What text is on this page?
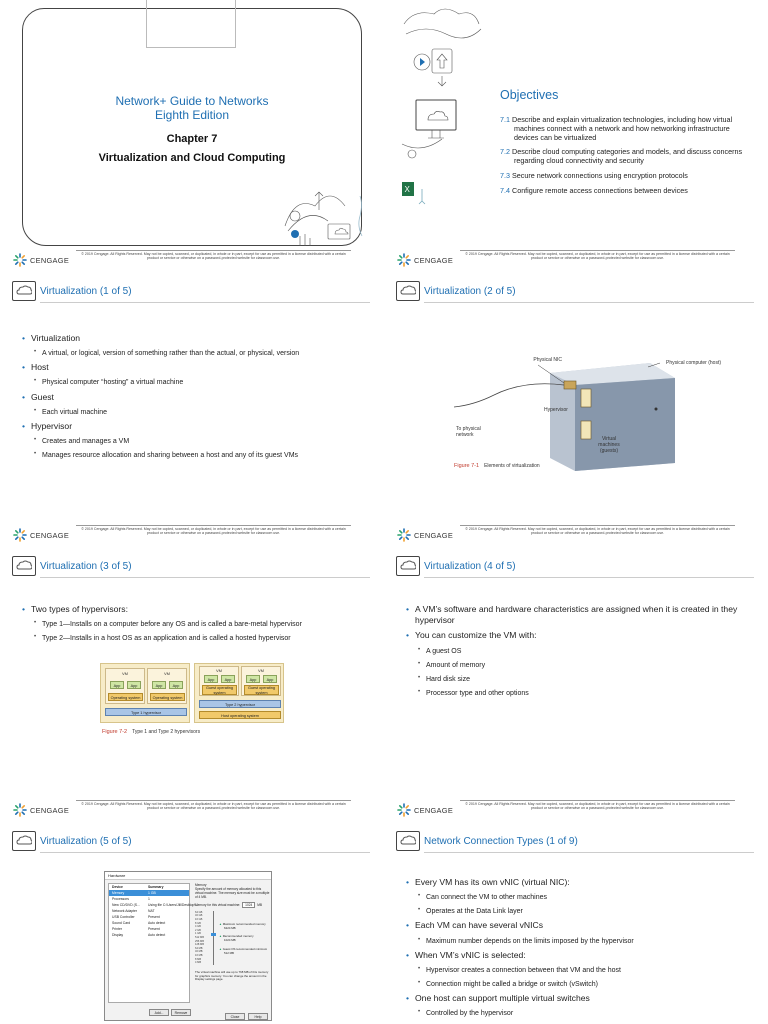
Network+ Guide to Networks
Eighth Edition
Chapter 7
Virtualization and Cloud Computing
CENGAGE
© 2019 Cengage. All Rights Reserved. May not be copied, scanned, or duplicated, in whole or in part, except for use as permitted in a license distributed with a certain product or service or otherwise on a password-protected website for classroom use.
X
Objectives
7.1 Describe and explain virtualization technologies, including how virtual machines connect with a network and how networking infrastructure devices can be virtualized
7.2 Describe cloud computing categories and models, and discuss concerns regarding cloud connectivity and security
7.3 Secure network connections using encryption protocols
7.4 Configure remote access connections between devices
CENGAGE
© 2019 Cengage. All Rights Reserved. May not be copied, scanned, or duplicated, in whole or in part, except for use as permitted in a license distributed with a certain product or service or otherwise on a password-protected website for classroom use.
Virtualization (1 of 5)
• Virtualization
• A virtual, or logical, version of something rather than the actual, or physical, version
• Host
• Physical computer “hosting” a virtual machine
• Guest
• Each virtual machine
• Hypervisor
• Creates and manages a VM
• Manages resource allocation and sharing between a host and any of its guest VMs
CENGAGE
© 2019 Cengage. All Rights Reserved. May not be copied, scanned, or duplicated, in whole or in part, except for use as permitted in a license distributed with a certain product or service or otherwise on a password-protected website for classroom use.
Virtualization (2 of 5)
Physical NIC	Physical computer (host)
Hypervisor
To physical network
Virtual machines (guests)
Figure 7-1 Elements of virtualization
CENGAGE
© 2019 Cengage. All Rights Reserved. May not be copied, scanned, or duplicated, in whole or in part, except for use as permitted in a license distributed with a certain product or service or otherwise on a password-protected website for classroom use.
Virtualization (3 of 5)
• Two types of hypervisors:
• Type 1—Installs on a computer before any OS and is called a bare-metal hypervisor
• Type 2—Installs in a host OS as an application and is called a hosted hypervisor
VM
App	App
Operating system
VM
App	App
Operating system
Type 1 hypervisor
VM
App	App
Guest operating system
VM
App	App
Guest operating system
Type 2 hypervisor
Host operating system
Figure 7-2 Type 1 and Type 2 hypervisors
CENGAGE
© 2019 Cengage. All Rights Reserved. May not be copied, scanned, or duplicated, in whole or in part, except for use as permitted in a license distributed with a certain product or service or otherwise on a password-protected website for classroom use.
Virtualization (4 of 5)
• A VM’s software and hardware characteristics are assigned when it is created in they hypervisor
• You can customize the VM with:
• A guest OS
• Amount of memory
• Hard disk size
• Processor type and other options
CENGAGE
© 2019 Cengage. All Rights Reserved. May not be copied, scanned, or duplicated, in whole or in part, except for use as permitted in a license distributed with a certain product or service or otherwise on a password-protected website for classroom use.
Virtualization (5 of 5)
Hardware
Device	Summary
Memory	1 GB
Processors	1
New CD/DVD (S...	Using file C:\Users\Jill\Desktop\...
Network Adapter	NAT
USB Controller	Present
Sound Card	Auto detect
Printer	Present
Display	Auto detect
Memory
Specify the amount of memory allocated to this virtual machine. The memory size must be a multiple of 4 MB.
Memory for this virtual machine:	1024	MB
64 GB
32 GB
16 GB
8 GB
4 GB
2 GB
1 GB
512 MB
256 MB
128 MB
64 MB
32 MB
16 MB
8 MB
4 MB
▲ Maximum recommended memory
6224 MB
▲ Recommended memory
1024 MB
▲ Guest OS recommended minimum
512 MB
The virtual machine will use up to 768 MB of this memory for graphics memory. You can change the amount in the Display settings page.
Add...	Remove
Close	Help
Network Connection Types (1 of 9)
• Every VM has its own vNIC (virtual NIC):
• Can connect the VM to other machines
• Operates at the Data Link layer
• Each VM can have several vNICs
• Maximum number depends on the limits imposed by the hypervisor
• When VM’s vNIC is selected:
• Hypervisor creates a connection between that VM and the host
• Connection might be called a bridge or switch (vSwitch)
• One host can support multiple virtual switches
• Controlled by the hypervisor
